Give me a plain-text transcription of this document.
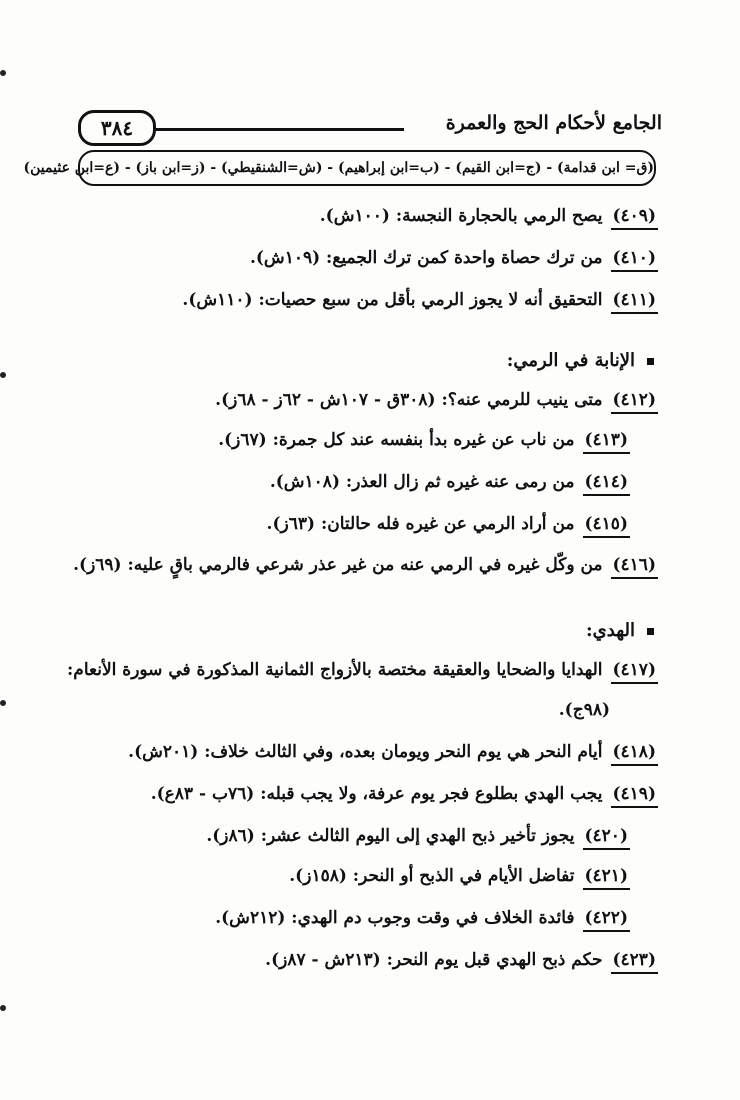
٣٨٤	الجامع لأحكام الحج والعمرة
(ق= ابن قدامة) - (ج=ابن القيم) - (ب=ابن إبراهيم) - (ش=الشنقيطي) - (ز=ابن باز) - (ع=ابن عثيمين)
(٤٠٩)يصح الرمي بالحجارة النجسة: (١٠٠ش).
(٤١٠)من ترك حصاة واحدة كمن ترك الجميع: (١٠٩ش).
(٤١١)التحقيق أنه لا يجوز الرمي بأقل من سبع حصيات: (١١٠ش).
الإنابة في الرمي:
(٤١٢)متى ينيب للرمي عنه؟: (٣٠٨ق - ١٠٧ش - ٦٢ز - ٦٨ز).
(٤١٣)من ناب عن غيره بدأ بنفسه عند كل جمرة: (٦٧ز).
(٤١٤)من رمى عنه غيره ثم زال العذر: (١٠٨ش).
(٤١٥)من أراد الرمي عن غيره فله حالتان: (٦٣ز).
(٤١٦)من وكّل غيره في الرمي عنه من غير عذر شرعي فالرمي باقٍ عليه: (٦٩ز).
الهدي:
(٤١٧)الهدايا والضحايا والعقيقة مختصة بالأزواج الثمانية المذكورة في سورة الأنعام:
(٩٨ج).
(٤١٨)أيام النحر هي يوم النحر ويومان بعده، وفي الثالث خلاف: (٢٠١ش).
(٤١٩)يجب الهدي بطلوع فجر يوم عرفة، ولا يجب قبله: (٧٦ب - ٨٣ع).
(٤٢٠)يجوز تأخير ذبح الهدي إلى اليوم الثالث عشر: (٨٦ز).
(٤٢١)تفاضل الأيام في الذبح أو النحر: (١٥٨ز).
(٤٢٢)فائدة الخلاف في وقت وجوب دم الهدي: (٢١٢ش).
(٤٢٣)حكم ذبح الهدي قبل يوم النحر: (٢١٣ش - ٨٧ز).
